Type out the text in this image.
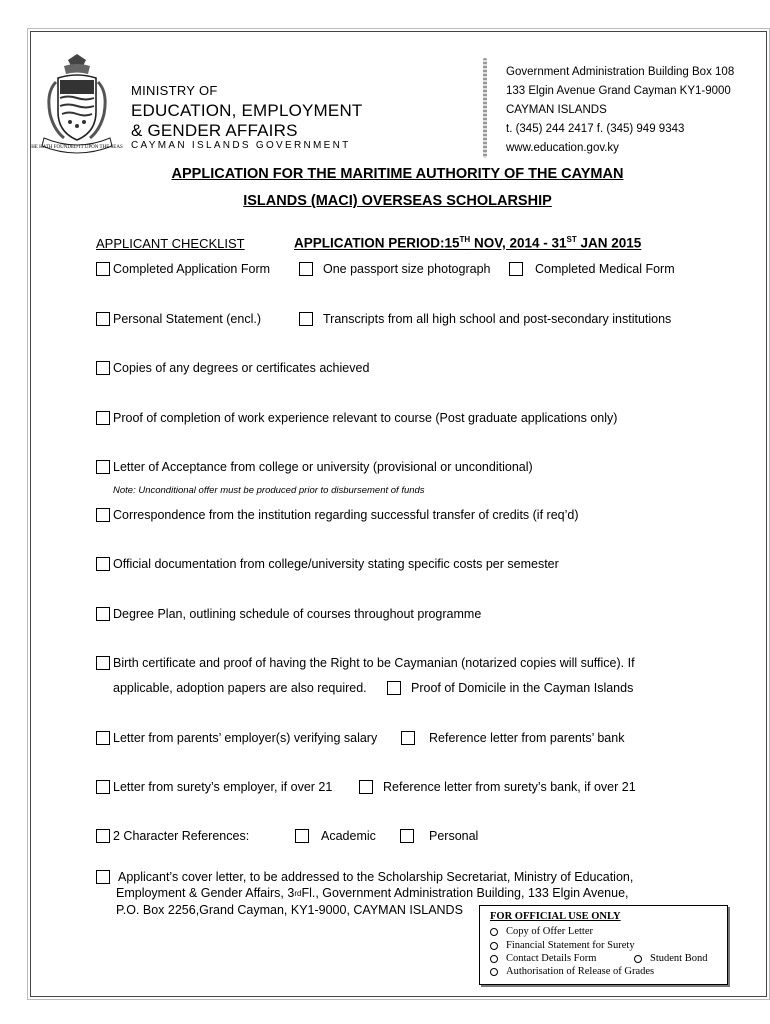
HE HATH FOUNDED IT UPON THE SEAS
MINISTRY OF
EDUCATION, EMPLOYMENT
& GENDER AFFAIRS
CAYMAN ISLANDS GOVERNMENT
Government Administration Building Box 108
133 Elgin Avenue Grand Cayman KY1-9000
CAYMAN ISLANDS
t. (345) 244 2417 f. (345) 949 9343
www.education.gov.ky
APPLICATION FOR THE MARITIME AUTHORITY OF THE CAYMAN
ISLANDS (MACI) OVERSEAS SCHOLARSHIP
APPLICANT CHECKLIST	APPLICATION PERIOD:15TH NOV, 2014 - 31ST JAN 2015
Completed Application Form	One passport size photograph	Completed Medical Form
Personal Statement (encl.)	Transcripts from all high school and post-secondary institutions
Copies of any degrees or certificates achieved
Proof of completion of work experience relevant to course (Post graduate applications only)
Letter of Acceptance from college or university (provisional or unconditional)
Note: Unconditional offer must be produced prior to disbursement of funds
Correspondence from the institution regarding successful transfer of credits (if req’d)
Official documentation from college/university stating specific costs per semester
Degree Plan, outlining schedule of courses throughout programme
Birth certificate and proof of having the Right to be Caymanian (notarized copies will suffice). If
applicable, adoption papers are also required.	Proof of Domicile in the Cayman Islands
Letter from parents’ employer(s) verifying salary	Reference letter from parents’ bank
Letter from surety’s employer, if over 21	Reference letter from surety’s bank, if over 21
2 Character References:	Academic	Personal
Applicant’s cover letter, to be addressed to the Scholarship Secretariat, Ministry of Education,
Employment & Gender Affairs, 3 rd Fl., Government Administration Building, 133 Elgin Avenue,
P.O. Box 2256,Grand Cayman, KY1-9000, CAYMAN ISLANDS	FOR OFFICIAL USE ONLY
Copy of Offer Letter
Financial Statement for Surety
Contact Details Form	Student Bond
Authorisation of Release of Grades
